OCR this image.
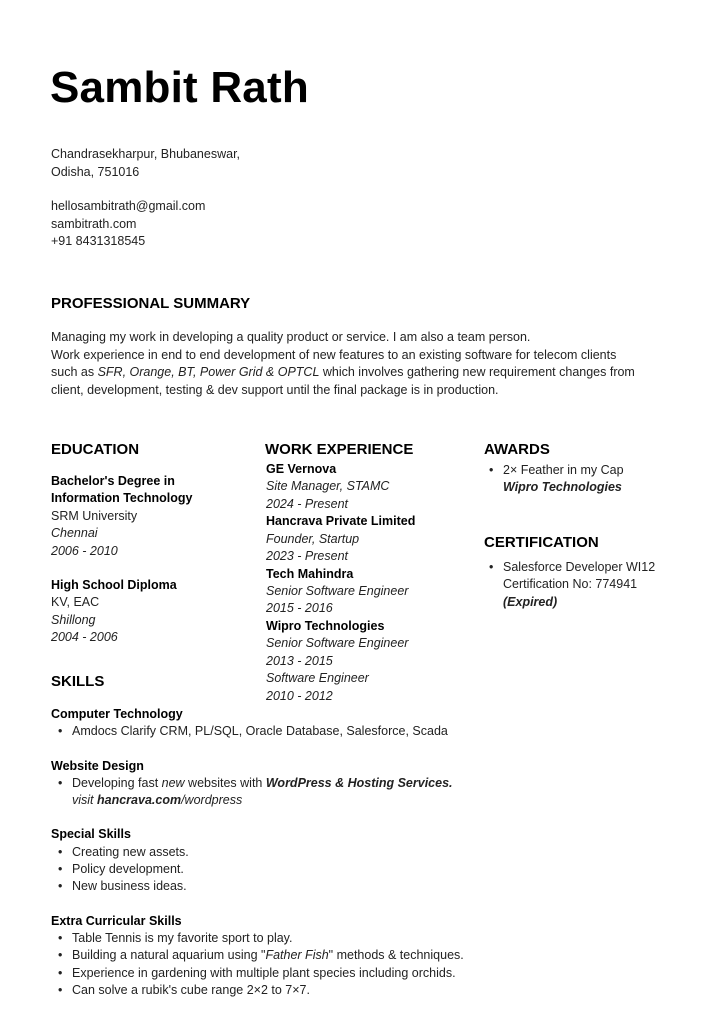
Sambit Rath
Chandrasekharpur, Bhubaneswar,
Odisha, 751016
hellosambitrath@gmail.com
sambitrath.com
+91 8431318545
PROFESSIONAL SUMMARY

Managing my work in developing a quality product or service. I am also a team person.

Work experience in end to end development of new features to an existing software for telecom clients

such as SFR, Orange, BT, Power Grid & OPTCL which involves gathering new requirement changes from

client, development, testing & dev support until the final package is in production.

EDUCATION
Bachelor's Degree in
Information Technology
SRM University
Chennai
2006 - 2010
High School Diploma
KV, EAC
Shillong
2004 - 2006
WORK EXPERIENCE
GE Vernova
Site Manager, STAMC
2024 - Present
Hancrava Private Limited
Founder, Startup
2023 - Present
Tech Mahindra
Senior Software Engineer
2015 - 2016
Wipro Technologies
Senior Software Engineer
2013 - 2015
Software Engineer
2010 - 2012
AWARDS
• 2× Feather in my Cap
Wipro Technologies
CERTIFICATION
• Salesforce Developer WI12
Certification No: 774941
(Expired)
SKILLS
Computer Technology
• Amdocs Clarify CRM, PL/SQL, Oracle Database, Salesforce, Scada
Website Design
• Developing fast new websites with WordPress & Hosting Services.
visit hancrava.com/wordpress
Special Skills
• Creating new assets.
• Policy development.
• New business ideas.
Extra Curricular Skills
• Table Tennis is my favorite sport to play.
• Building a natural aquarium using "Father Fish" methods & techniques.
• Experience in gardening with multiple plant species including orchids.
• Can solve a rubik's cube range 2×2 to 7×7.
